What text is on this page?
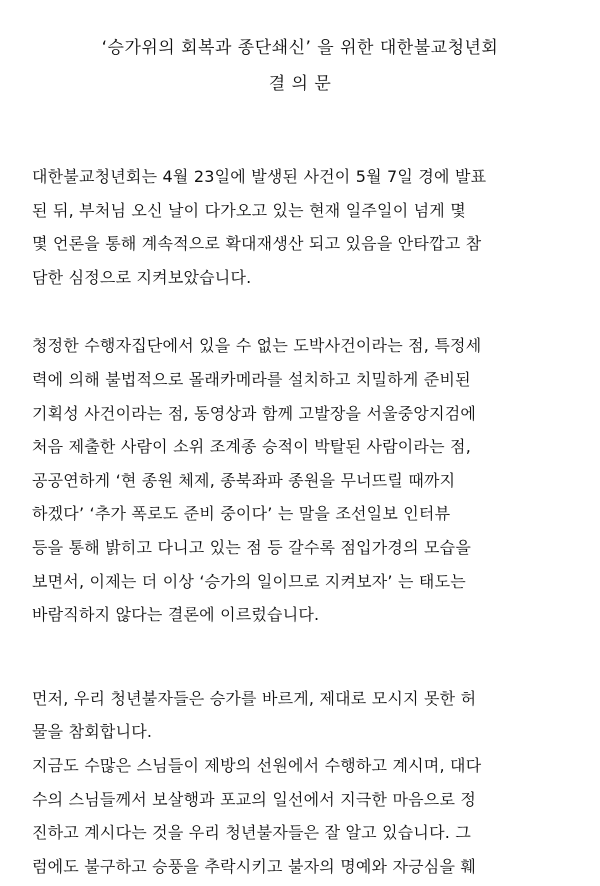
‘승가위의 회복과 종단쇄신’ 을 위한 대한불교청년회
결 의 문
대한불교청년회는 4월 23일에 발생된 사건이 5월 7일 경에 발표
된 뒤, 부처님 오신 날이 다가오고 있는 현재 일주일이 넘게 몇
몇 언론을 통해 계속적으로 확대재생산 되고 있음을 안타깝고 참
담한 심정으로 지켜보았습니다.
청정한 수행자집단에서 있을 수 없는 도박사건이라는 점, 특정세
력에 의해 불법적으로 몰래카메라를 설치하고 치밀하게 준비된
기획성 사건이라는 점, 동영상과 함께 고발장을 서울중앙지검에
처음 제출한 사람이 소위 조계종 승적이 박탈된 사람이라는 점,
공공연하게 ‘현 종원 체제, 종북좌파 종원을 무너뜨릴 때까지
하겠다’ ‘추가 폭로도 준비 중이다’ 는 말을 조선일보 인터뷰
등을 통해 밝히고 다니고 있는 점 등 갈수록 점입가경의 모습을
보면서, 이제는 더 이상 ‘승가의 일이므로 지켜보자’ 는 태도는
바람직하지 않다는 결론에 이르렀습니다.
먼저, 우리 청년불자들은 승가를 바르게, 제대로 모시지 못한 허
물을 참회합니다.
지금도 수많은 스님들이 제방의 선원에서 수행하고 계시며, 대다
수의 스님들께서 보살행과 포교의 일선에서 지극한 마음으로 정
진하고 계시다는 것을 우리 청년불자들은 잘 알고 있습니다. 그
럼에도 불구하고 승풍을 추락시키고 불자의 명예와 자긍심을 훼
